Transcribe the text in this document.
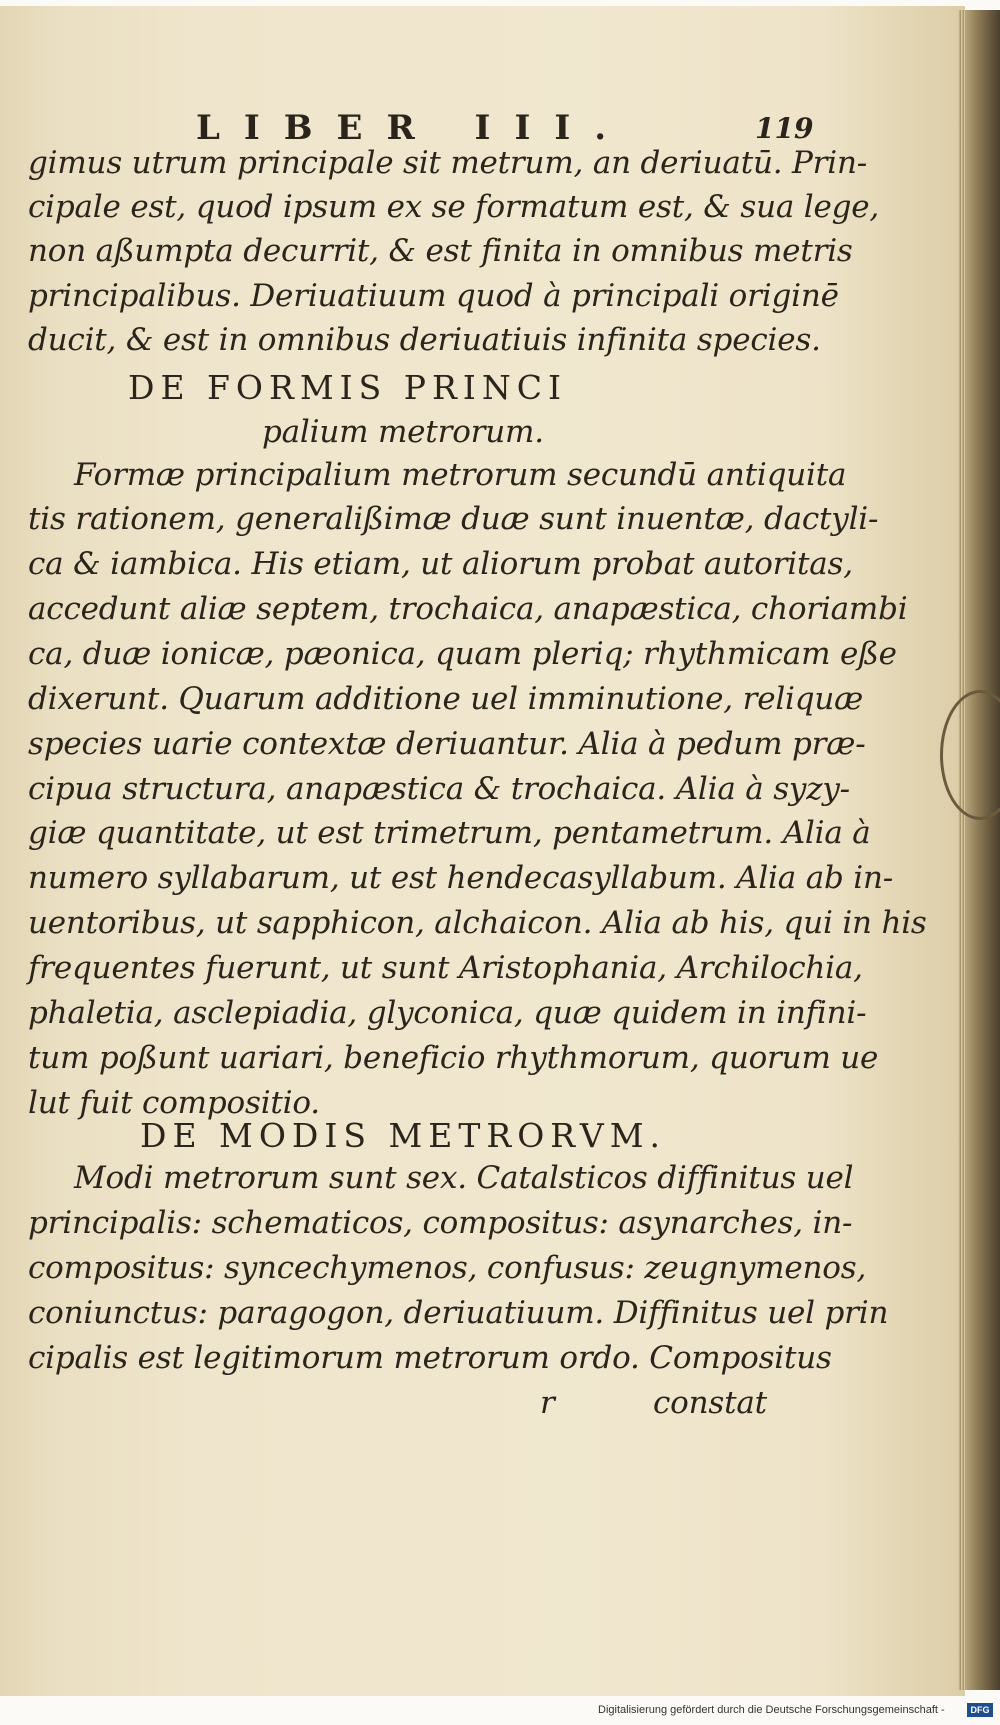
LIBER III.	119
gimus utrum principale sit metrum, an deriuatū. Prin-
cipale est, quod ipsum ex se formatum est, & sua lege,
non aßumpta decurrit, & est finita in omnibus metris
principalibus. Deriuatiuum quod à principali originē
ducit, & est in omnibus deriuatiuis infinita species.
DE FORMIS PRINCI
palium metrorum.
Formæ principalium metrorum secundū antiquita
tis rationem, generalißimæ duæ sunt inuentæ, dactyli-
ca & iambica. His etiam, ut aliorum probat autoritas,
accedunt aliæ septem, trochaica, anapæstica, choriambi
ca, duæ ionicæ, pæonica, quam pleriq; rhythmicam eße
dixerunt. Quarum additione uel imminutione, reliquæ
species uarie contextæ deriuantur. Alia à pedum præ-
cipua structura, anapæstica & trochaica. Alia à syzy-
giæ quantitate, ut est trimetrum, pentametrum. Alia à
numero syllabarum, ut est hendecasyllabum. Alia ab in-
uentoribus, ut sapphicon, alchaicon. Alia ab his, qui in his
frequentes fuerunt, ut sunt Aristophania, Archilochia,
phaletia, asclepiadia, glyconica, quæ quidem in infini-
tum poßunt uariari, beneficio rhythmorum, quorum ue
lut fuit compositio.
DE MODIS METRORVM.
Modi metrorum sunt sex. Catalsticos diffinitus uel
principalis: schematicos, compositus: asynarches, in-
compositus: syncechymenos, confusus: zeugnymenos,
coniunctus: paragogon, deriuatiuum. Diffinitus uel prin
cipalis est legitimorum metrorum ordo. Compositus
r	constat
Digitalisierung gefördert durch die Deutsche Forschungsgemeinschaft -	DFG
